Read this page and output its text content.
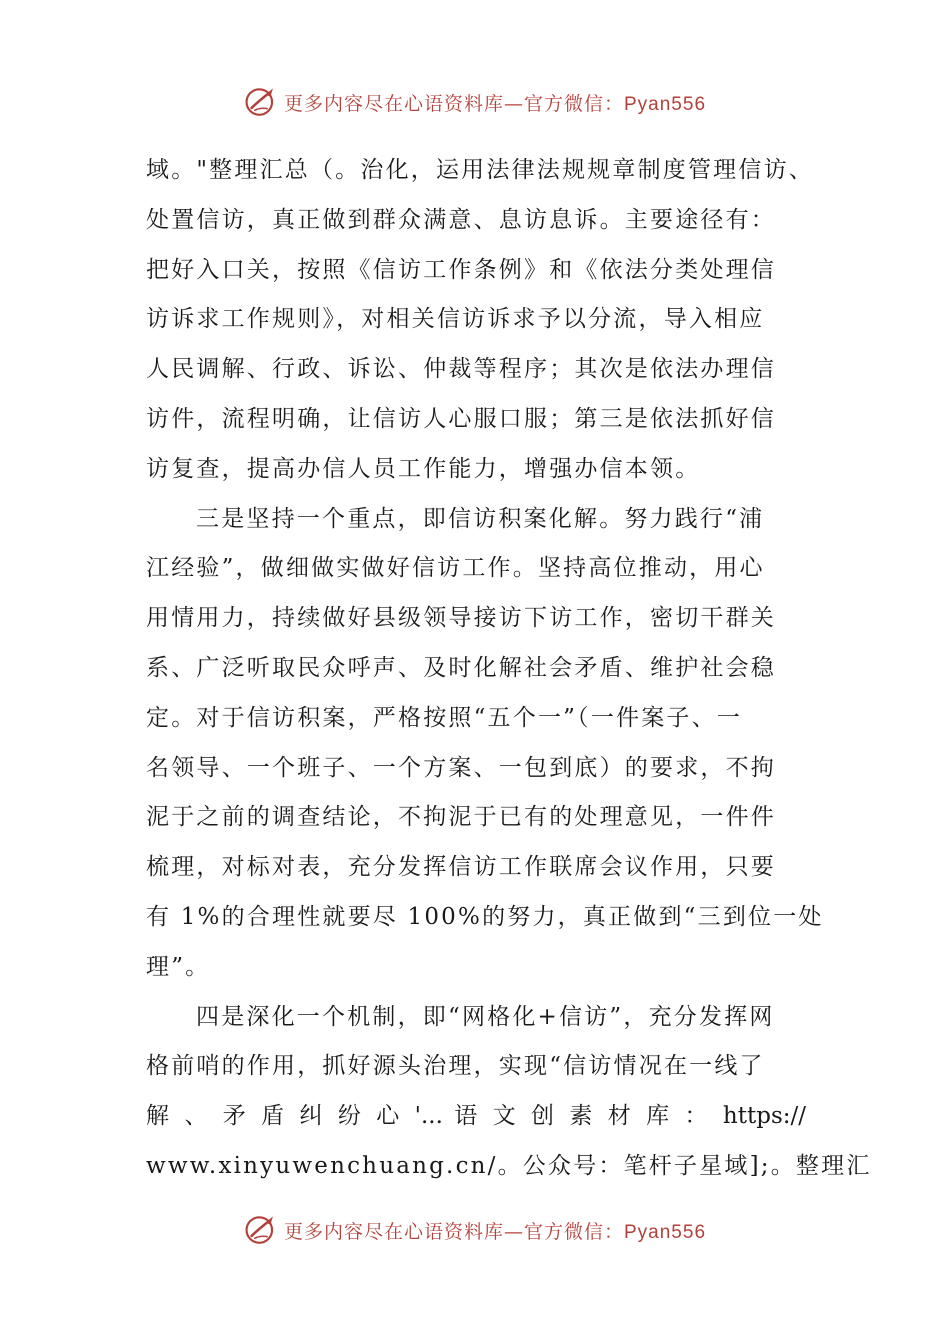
更多内容尽在心语资料库—官方微信：Pyan556
域。"整理汇总（。治化，运用法律法规规章制度管理信访、
处置信访，真正做到群众满意、息访息诉。主要途径有：
把好入口关，按照《信访工作条例》和《依法分类处理信
访诉求工作规则》，对相关信访诉求予以分流，导入相应
人民调解、行政、诉讼、仲裁等程序；其次是依法办理信
访件，流程明确，让信访人心服口服；第三是依法抓好信
访复查，提高办信人员工作能力，增强办信本领。
三是坚持一个重点，即信访积案化解。努力践行“浦
江经验”，做细做实做好信访工作。坚持高位推动，用心
用情用力，持续做好县级领导接访下访工作，密切干群关
系、广泛听取民众呼声、及时化解社会矛盾、维护社会稳
定。对于信访积案，严格按照“五个一”（一件案子、一
名领导、一个班子、一个方案、一包到底）的要求，不拘
泥于之前的调查结论，不拘泥于已有的处理意见，一件件
梳理，对标对表，充分发挥信访工作联席会议作用，只要
有 1%的合理性就要尽 100%的努力，真正做到“三到位一处
理”。
四是深化一个机制，即“网格化+信访”，充分发挥网
格前哨的作用，抓好源头治理，实现“信访情况在一线了
解 、 矛 盾 纠 纷 心 '... 语 文 创 素 材 库 ： https://
www.xinyuwenchuang.cn/。公众号：笔杆子星域];。整理汇
更多内容尽在心语资料库—官方微信：Pyan556
